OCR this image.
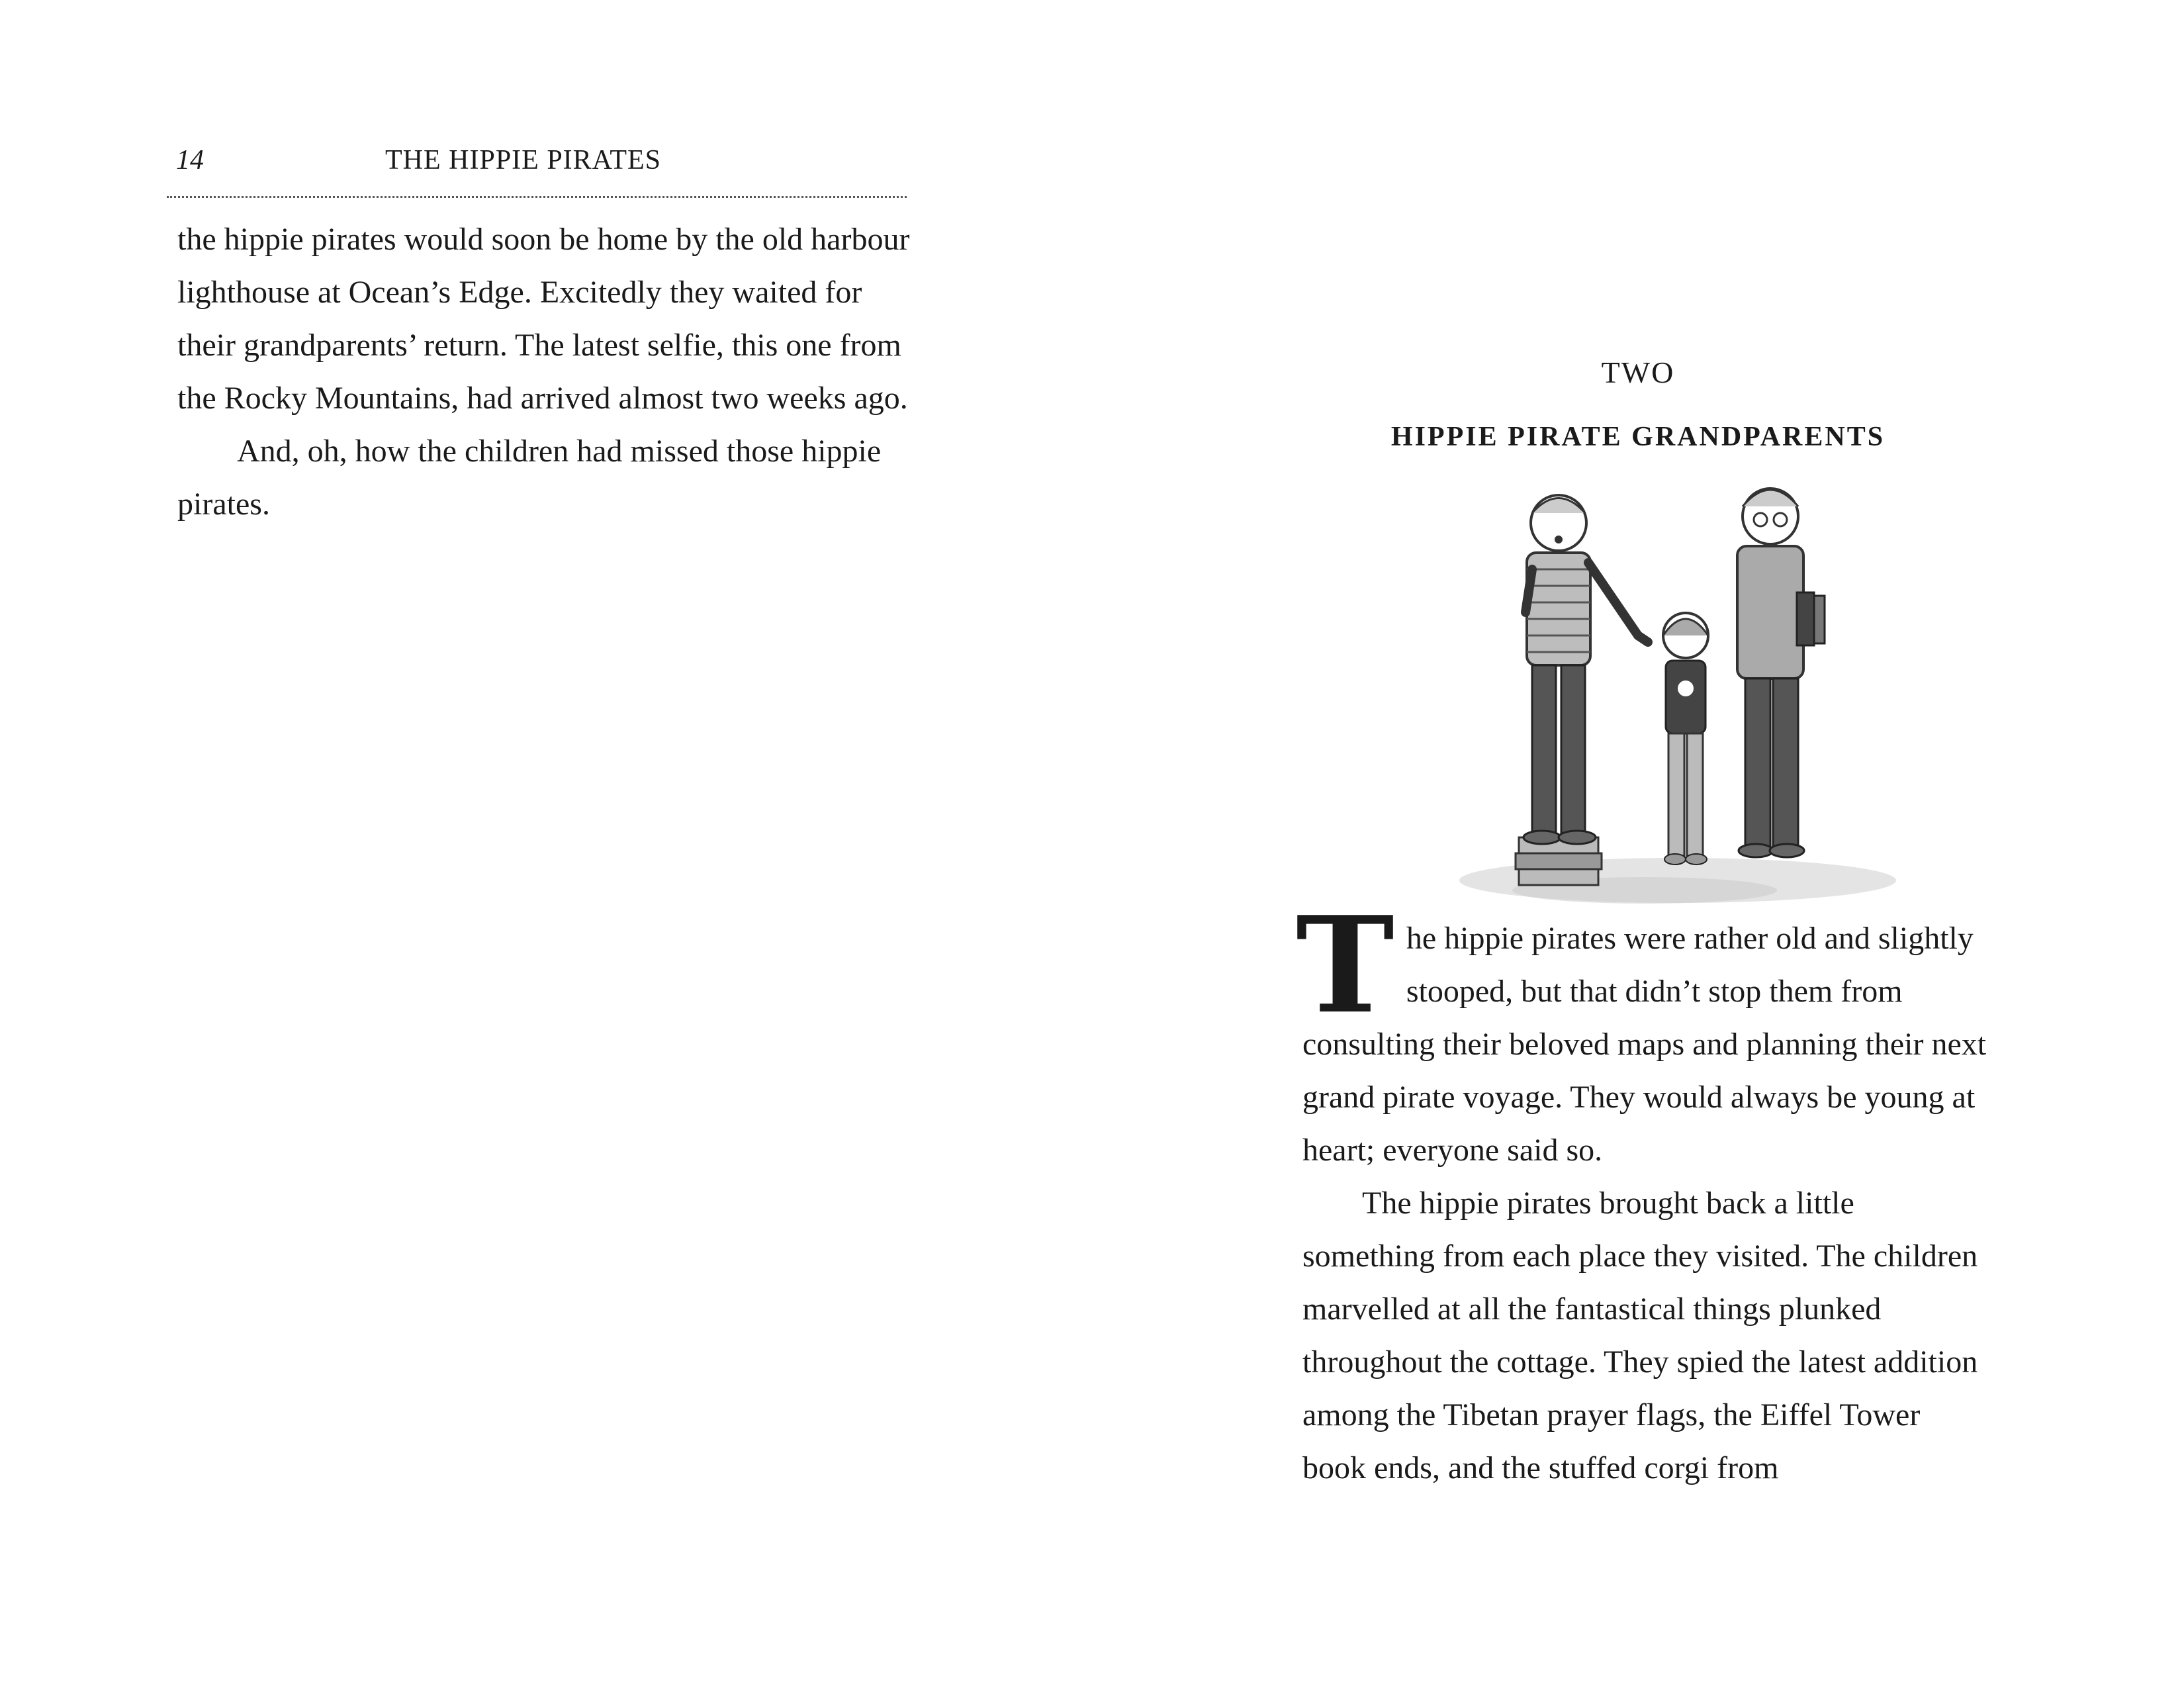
14	THE HIPPIE PIRATES

the hippie pirates would soon be home by the old harbour lighthouse at Ocean’s Edge. Excitedly they waited for their grandparents’ return. The latest selfie, this one from the Rocky Mountains, had arrived almost two weeks ago.

And, oh, how the children had missed those hippie pirates.

TWO
HIPPIE PIRATE GRANDPARENTS

The hippie pirates were rather old and slightly stooped, but that didn’t stop them from consulting their beloved maps and planning their next grand pirate voyage. They would always be young at heart; everyone said so.

The hippie pirates brought back a little something from each place they visited. The children marvelled at all the fantastical things plunked throughout the cottage. They spied the latest addition among the Tibetan prayer flags, the Eiffel Tower book ends, and the stuffed corgi from
